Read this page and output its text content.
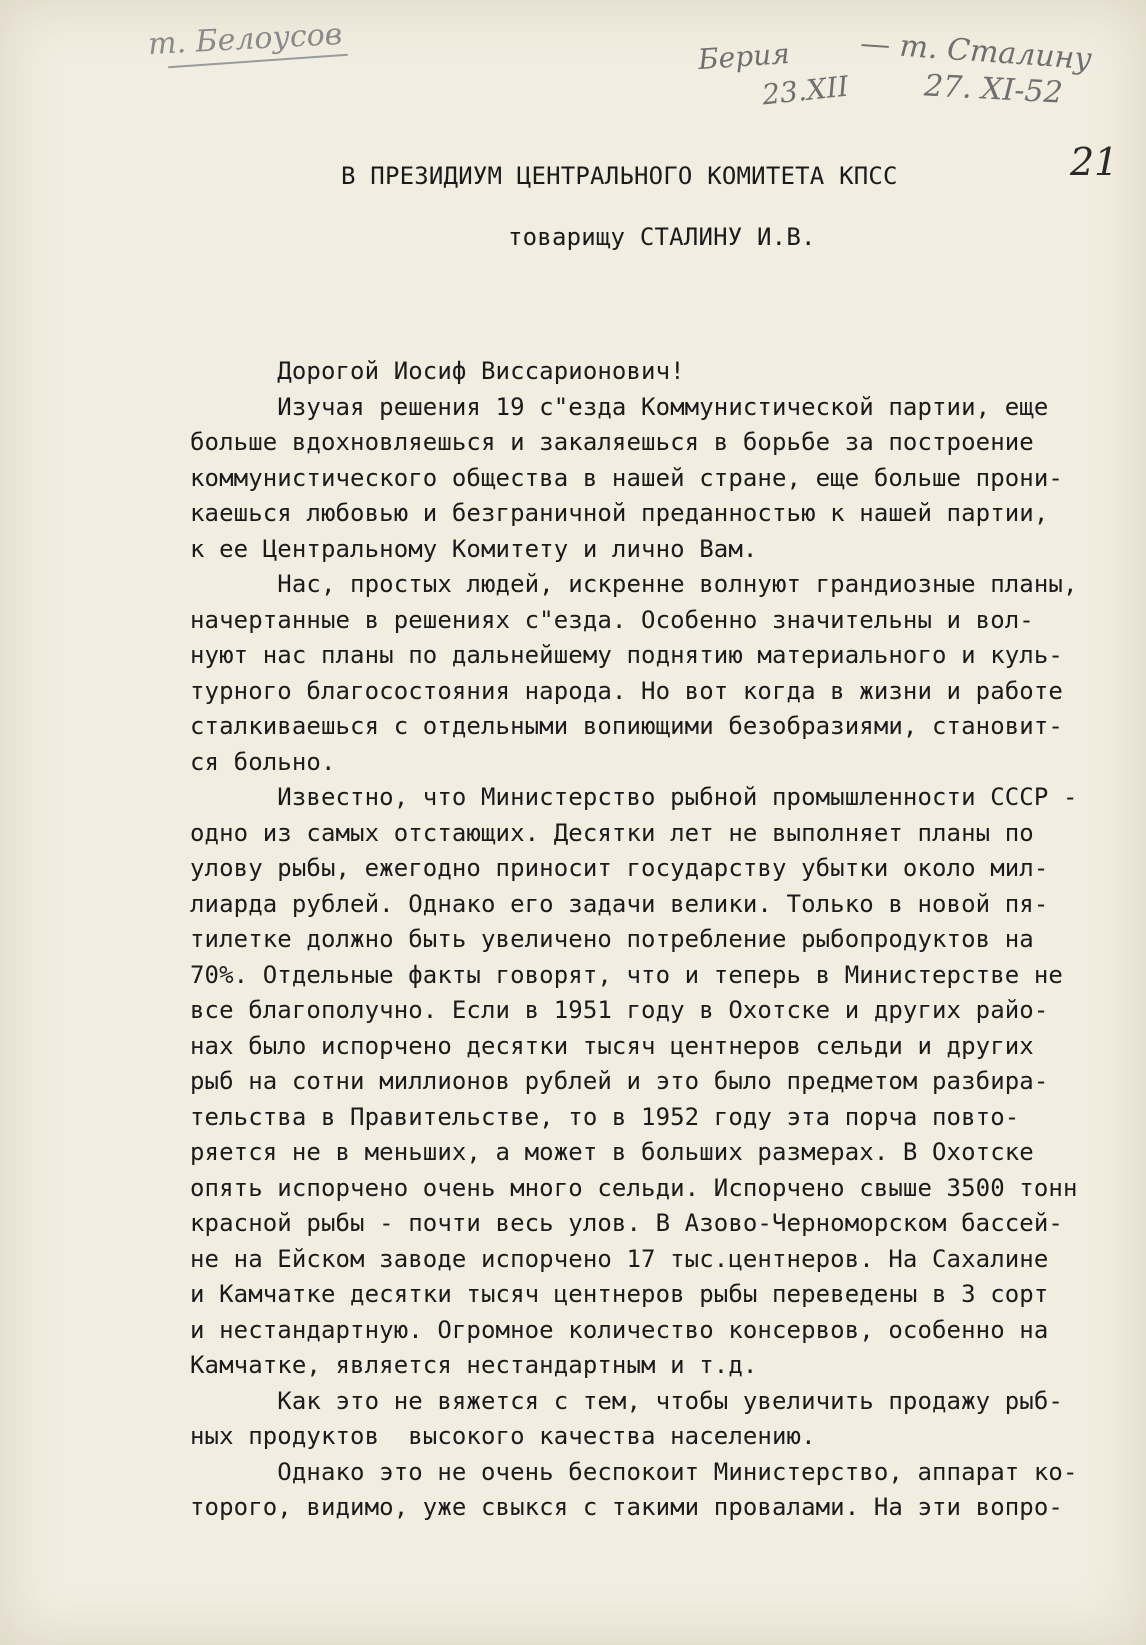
т. Белоусов	Берия
23.XII
— т. Сталину
27. XI-52
21
В ПРЕЗИДИУМ ЦЕНТРАЛЬНОГО КОМИТЕТА КПСС
товарищу СТАЛИНУ И.В.
Дорогой Иосиф Виссарионович!
Изучая решения 19 с"езда Коммунистической партии, еще
больше вдохновляешься и закаляешься в борьбе за построение
коммунистического общества в нашей стране, еще больше прони-
каешься любовью и безграничной преданностью к нашей партии,
к ее Центральному Комитету и лично Вам.
Нас, простых людей, искренне волнуют грандиозные планы,
начертанные в решениях с"езда. Особенно значительны и вол-
нуют нас планы по дальнейшему поднятию материального и куль-
турного благосостояния народа. Но вот когда в жизни и работе
сталкиваешься с отдельными вопиющими безобразиями, становит-
ся больно.
Известно, что Министерство рыбной промышленности СССР -
одно из самых отстающих. Десятки лет не выполняет планы по
улову рыбы, ежегодно приносит государству убытки около мил-
лиарда рублей. Однако его задачи велики. Только в новой пя-
тилетке должно быть увеличено потребление рыбопродуктов на
70%. Отдельные факты говорят, что и теперь в Министерстве не
все благополучно. Если в 1951 году в Охотске и других райо-
нах было испорчено десятки тысяч центнеров сельди и других
рыб на сотни миллионов рублей и это было предметом разбира-
тельства в Правительстве, то в 1952 году эта порча повто-
ряется не в меньших, а может в больших размерах. В Охотске
опять испорчено очень много сельди. Испорчено свыше 3500 тонн
красной рыбы - почти весь улов. В Азово-Черноморском бассей-
не на Ейском заводе испорчено 17 тыс.центнеров. На Сахалине
и Камчатке десятки тысяч центнеров рыбы переведены в 3 сорт
и нестандартную. Огромное количество консервов, особенно на
Камчатке, является нестандартным и т.д.
Как это не вяжется с тем, чтобы увеличить продажу рыб-
ных продуктов  высокого качества населению.
Однако это не очень беспокоит Министерство, аппарат ко-
торого, видимо, уже свыкся с такими провалами. На эти вопро-
